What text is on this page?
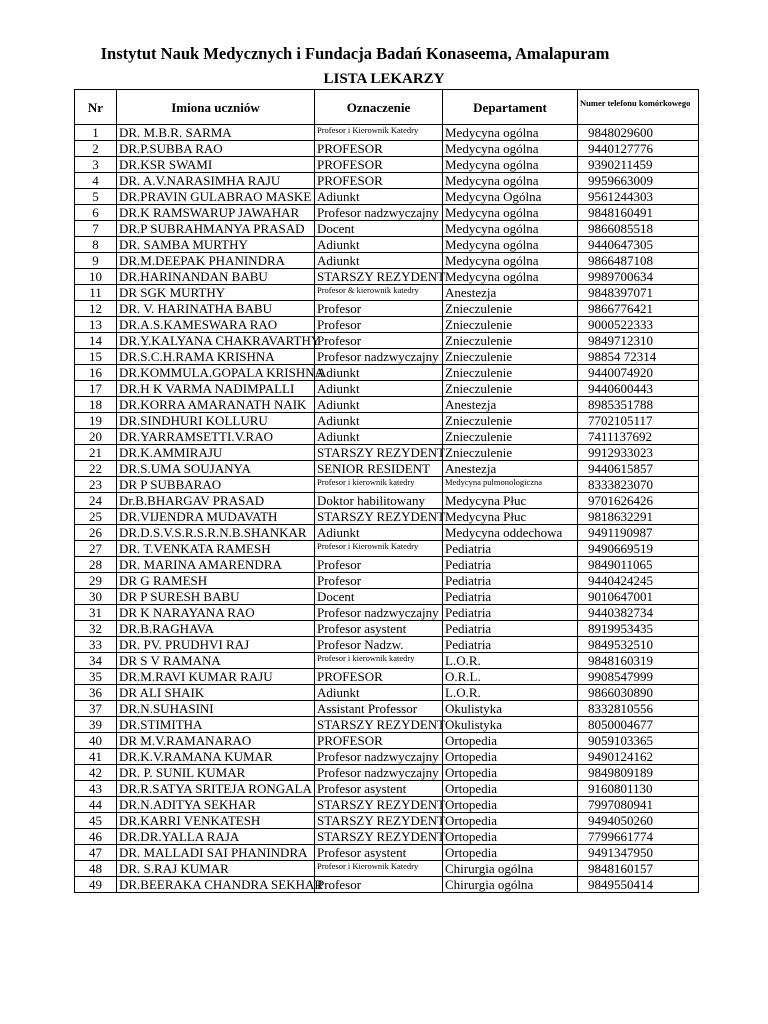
Instytut Nauk Medycznych i Fundacja Badań Konaseema, Amalapuram
LISTA LEKARZY
Nr	Imiona uczniów	Oznaczenie	Departament	Numer telefonu komórkowego
1	DR. M.B.R. SARMA	Profesor i Kierownik Katedry	Medycyna ogólna	9848029600
2	DR.P.SUBBA RAO	PROFESOR	Medycyna ogólna	9440127776
3	DR.KSR SWAMI	PROFESOR	Medycyna ogólna	9390211459
4	DR. A.V.NARASIMHA RAJU	PROFESOR	Medycyna ogólna	9959663009
5	DR.PRAVIN GULABRAO MASKE	Adiunkt	Medycyna Ogólna	9561244303
6	DR.K RAMSWARUP JAWAHAR	Profesor nadzwyczajny	Medycyna ogólna	9848160491
7	DR.P SUBRAHMANYA PRASAD	Docent	Medycyna ogólna	9866085518
8	DR. SAMBA MURTHY	Adiunkt	Medycyna ogólna	9440647305
9	DR.M.DEEPAK PHANINDRA	Adiunkt	Medycyna ogólna	9866487108
10	DR.HARINANDAN BABU	STARSZY REZYDENT	Medycyna ogólna	9989700634
11	DR SGK MURTHY	Profesor & kierownik katedry	Anestezja	9848397071
12	DR. V. HARINATHA BABU	Profesor	Znieczulenie	9866776421
13	DR.A.S.KAMESWARA RAO	Profesor	Znieczulenie	9000522333
14	DR.Y.KALYANA CHAKRAVARTHY	Profesor	Znieczulenie	9849712310
15	DR.S.C.H.RAMA KRISHNA	Profesor nadzwyczajny	Znieczulenie	98854 72314
16	DR.KOMMULA.GOPALA KRISHNA	Adiunkt	Znieczulenie	9440074920
17	DR.H K VARMA NADIMPALLI	Adiunkt	Znieczulenie	9440600443
18	DR.KORRA AMARANATH NAIK	Adiunkt	Anestezja	8985351788
19	DR.SINDHURI KOLLURU	Adiunkt	Znieczulenie	7702105117
20	DR.YARRAMSETTI.V.RAO	Adiunkt	Znieczulenie	7411137692
21	DR.K.AMMIRAJU	STARSZY REZYDENT	Znieczulenie	9912933023
22	DR.S.UMA SOUJANYA	SENIOR RESIDENT	Anestezja	9440615857
23	DR P SUBBARAO	Profesor i kierownik katedry	Medycyna pulmonologiczna	8333823070
24	Dr.B.BHARGAV PRASAD	Doktor habilitowany	Medycyna Płuc	9701626426
25	DR.VIJENDRA MUDAVATH	STARSZY REZYDENT	Medycyna Płuc	9818632291
26	DR.D.S.V.S.R.S.R.N.B.SHANKAR	Adiunkt	Medycyna oddechowa	9491190987
27	DR. T.VENKATA RAMESH	Profesor i Kierownik Katedry	Pediatria	9490669519
28	DR. MARINA AMARENDRA	Profesor	Pediatria	9849011065
29	DR G RAMESH	Profesor	Pediatria	9440424245
30	DR P SURESH BABU	Docent	Pediatria	9010647001
31	DR K NARAYANA RAO	Profesor nadzwyczajny	Pediatria	9440382734
32	DR.B.RAGHAVA	Profesor asystent	Pediatria	8919953435
33	DR. PV. PRUDHVI RAJ	Profesor Nadzw.	Pediatria	9849532510
34	DR S V RAMANA	Profesor i kierownik katedry	L.O.R.	9848160319
35	DR.M.RAVI KUMAR RAJU	PROFESOR	O.R.L.	9908547999
36	DR ALI SHAIK	Adiunkt	L.O.R.	9866030890
37	DR.N.SUHASINI	Assistant Professor	Okulistyka	8332810556
39	DR.STIMITHA	STARSZY REZYDENT	Okulistyka	8050004677
40	DR M.V.RAMANARAO	PROFESOR	Ortopedia	9059103365
41	DR.K.V.RAMANA KUMAR	Profesor nadzwyczajny	Ortopedia	9490124162
42	DR. P. SUNIL KUMAR	Profesor nadzwyczajny	Ortopedia	9849809189
43	DR.R.SATYA SRITEJA RONGALA	Profesor asystent	Ortopedia	9160801130
44	DR.N.ADITYA SEKHAR	STARSZY REZYDENT	Ortopedia	7997080941
45	DR.KARRI VENKATESH	STARSZY REZYDENT	Ortopedia	9494050260
46	DR.DR.YALLA RAJA	STARSZY REZYDENT	Ortopedia	7799661774
47	DR. MALLADI SAI PHANINDRA	Profesor asystent	Ortopedia	9491347950
48	DR. S.RAJ KUMAR	Profesor i Kierownik Katedry	Chirurgia ogólna	9848160157
49	DR.BEERAKA CHANDRA SEKHAR	Profesor	Chirurgia ogólna	9849550414
